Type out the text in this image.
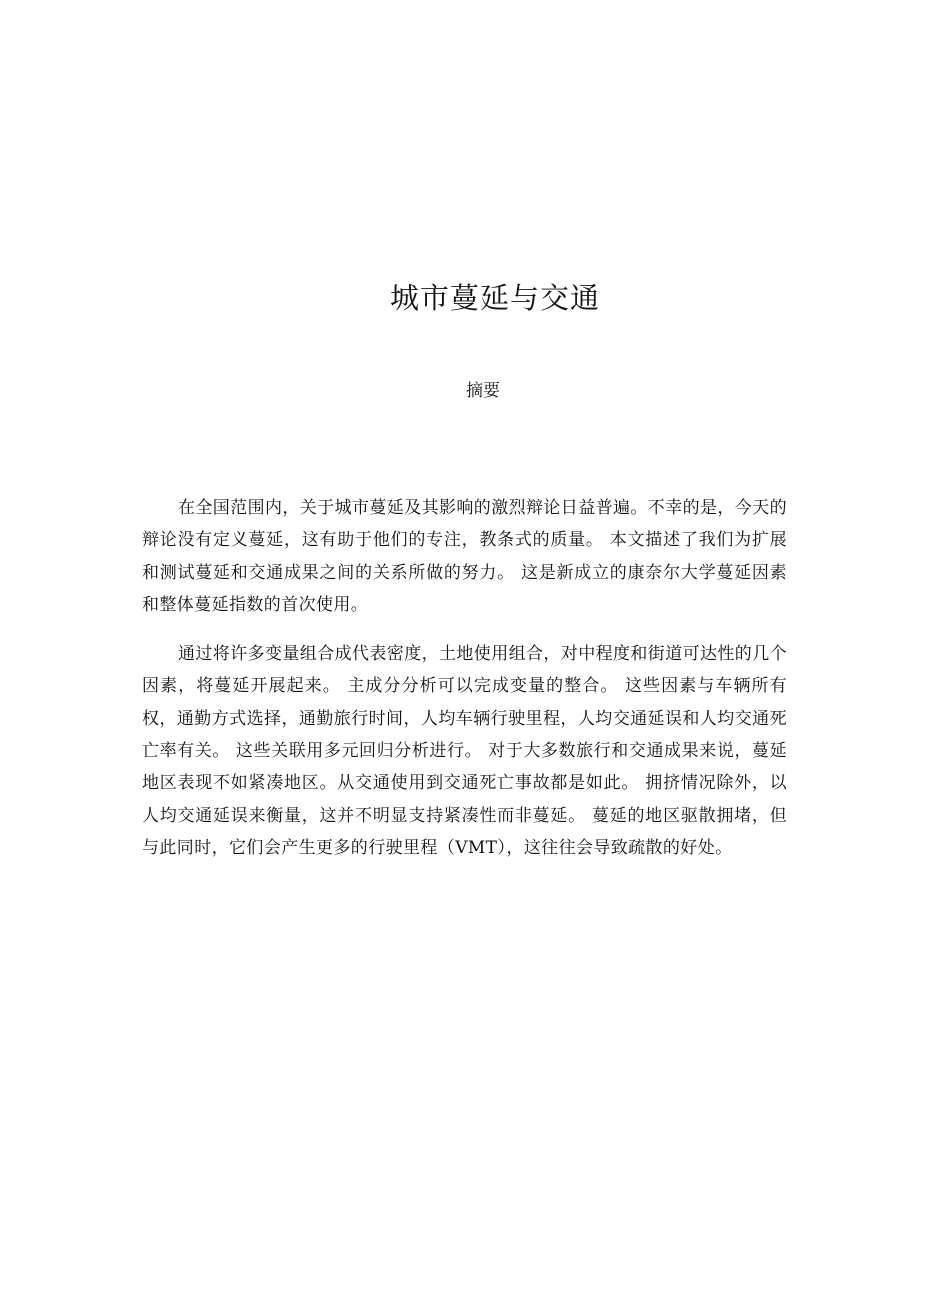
城市蔓延与交通
摘要

在全国范围内，关于城市蔓延及其影响的激烈辩论日益普遍。不幸的是，今天的辩论没有定义蔓延，这有助于他们的专注，教条式的质量。 本文描述了我们为扩展和测试蔓延和交通成果之间的关系所做的努力。 这是新成立的康奈尔大学蔓延因素和整体蔓延指数的首次使用。

通过将许多变量组合成代表密度，土地使用组合，对中程度和街道可达性的几个因素，将蔓延开展起来。 主成分分析可以完成变量的整合。 这些因素与车辆所有权，通勤方式选择，通勤旅行时间，人均车辆行驶里程，人均交通延误和人均交通死亡率有关。 这些关联用多元回归分析进行。 对于大多数旅行和交通成果来说，蔓延地区表现不如紧凑地区。从交通使用到交通死亡事故都是如此。 拥挤情况除外，以人均交通延误来衡量，这并不明显支持紧凑性而非蔓延。 蔓延的地区驱散拥堵，但与此同时，它们会产生更多的行驶里程（VMT），这往往会导致疏散的好处。
